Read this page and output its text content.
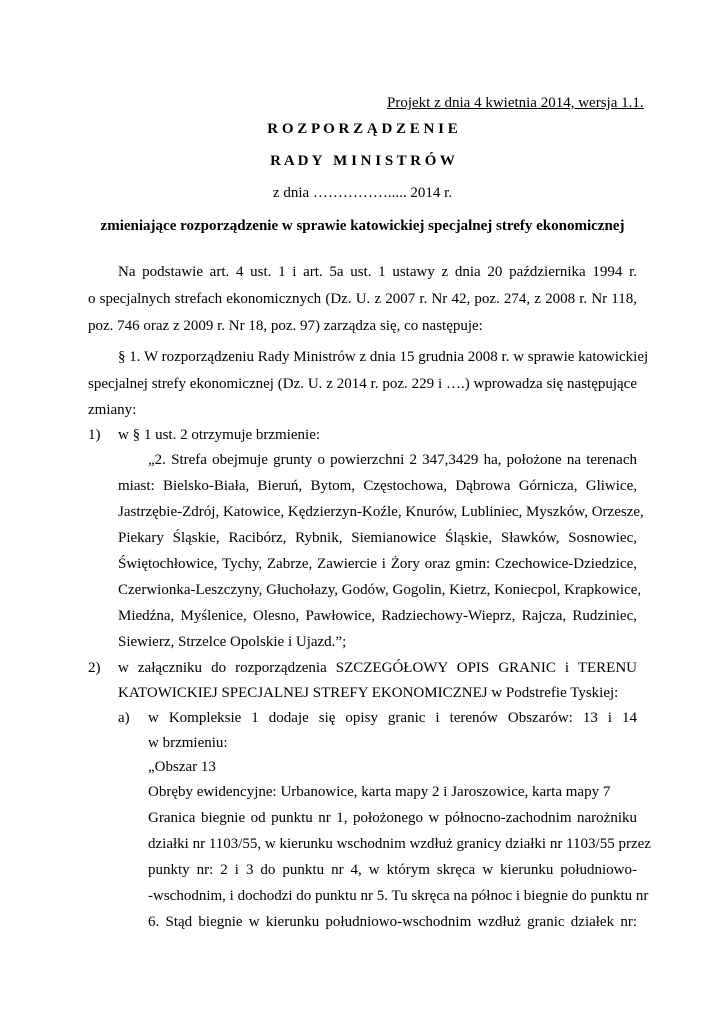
Projekt z dnia 4 kwietnia 2014, wersja 1.1.
R O Z P O R Z Ą D Z E N I E
R A D Y   M I N I S T R Ó W
z dnia ……………..... 2014 r.
zmieniające rozporządzenie w sprawie katowickiej specjalnej strefy ekonomicznej
Na podstawie art. 4 ust. 1 i art. 5a ust. 1 ustawy z dnia 20 października 1994 r.
o specjalnych strefach ekonomicznych (Dz. U. z 2007 r. Nr 42, poz. 274, z 2008 r. Nr 118,
poz. 746 oraz z 2009 r. Nr 18, poz. 97) zarządza się, co następuje:
§ 1. W rozporządzeniu Rady Ministrów z dnia 15 grudnia 2008 r. w sprawie katowickiej
specjalnej strefy ekonomicznej (Dz. U. z 2014 r. poz. 229 i ….) wprowadza się następujące
zmiany:
1) w § 1 ust. 2 otrzymuje brzmienie:
„2. Strefa obejmuje grunty o powierzchni 2 347,3429 ha, położone na terenach
miast: Bielsko-Biała, Bieruń, Bytom, Częstochowa, Dąbrowa Górnicza, Gliwice,
Jastrzębie-Zdrój, Katowice, Kędzierzyn-Koźle, Knurów, Lubliniec, Myszków, Orzesze,
Piekary Śląskie, Racibórz, Rybnik, Siemianowice Śląskie, Sławków, Sosnowiec,
Świętochłowice, Tychy, Zabrze, Zawiercie i Żory oraz gmin: Czechowice-Dziedzice,
Czerwionka-Leszczyny, Głuchołazy, Godów, Gogolin, Kietrz, Koniecpol, Krapkowice,
Miedźna, Myślenice, Olesno, Pawłowice, Radziechowy-Wieprz, Rajcza, Rudziniec,
Siewierz, Strzelce Opolskie i Ujazd.”;
2) w załączniku do rozporządzenia SZCZEGÓŁOWY OPIS GRANIC i TERENU
KATOWICKIEJ SPECJALNEJ STREFY EKONOMICZNEJ w Podstrefie Tyskiej:
a) w Kompleksie 1 dodaje się opisy granic i terenów Obszarów: 13 i 14
w brzmieniu:
„Obszar 13
Obręby ewidencyjne: Urbanowice, karta mapy 2 i Jaroszowice, karta mapy 7
Granica biegnie od punktu nr 1, położonego w północno-zachodnim narożniku
działki nr 1103/55, w kierunku wschodnim wzdłuż granicy działki nr 1103/55 przez
punkty nr: 2 i 3 do punktu nr 4, w którym skręca w kierunku południowo-
-wschodnim, i dochodzi do punktu nr 5. Tu skręca na północ i biegnie do punktu nr
6. Stąd biegnie w kierunku południowo-wschodnim wzdłuż granic działek nr:
